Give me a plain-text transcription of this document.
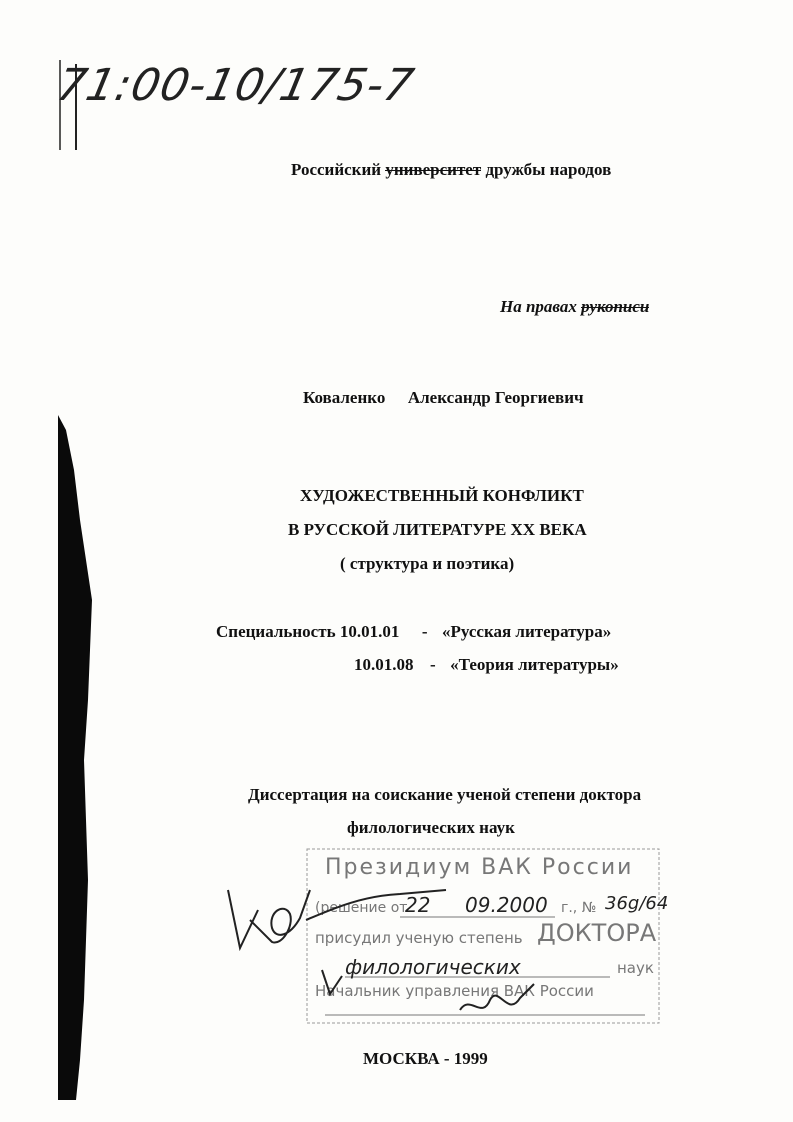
71:00-10/175-7
Российский университет дружбы народов
На правах рукописи
Коваленко Александр Георгиевич
ХУДОЖЕСТВЕННЫЙ КОНФЛИКТ
В РУССКОЙ ЛИТЕРАТУРЕ XX ВЕКА
( структура и поэтика)
Специальность 10.01.01 - «Русская литература»
10.01.08 - «Теория литературы»
Диссертация на соискание ученой степени доктора
филологических наук
Президиум ВАК России
(решение от
22 09.2000 г., № 36g/64
присудил ученую степень ДОКТОРА
филологических	наук
Начальник управления ВАК России
МОСКВА - 1999
